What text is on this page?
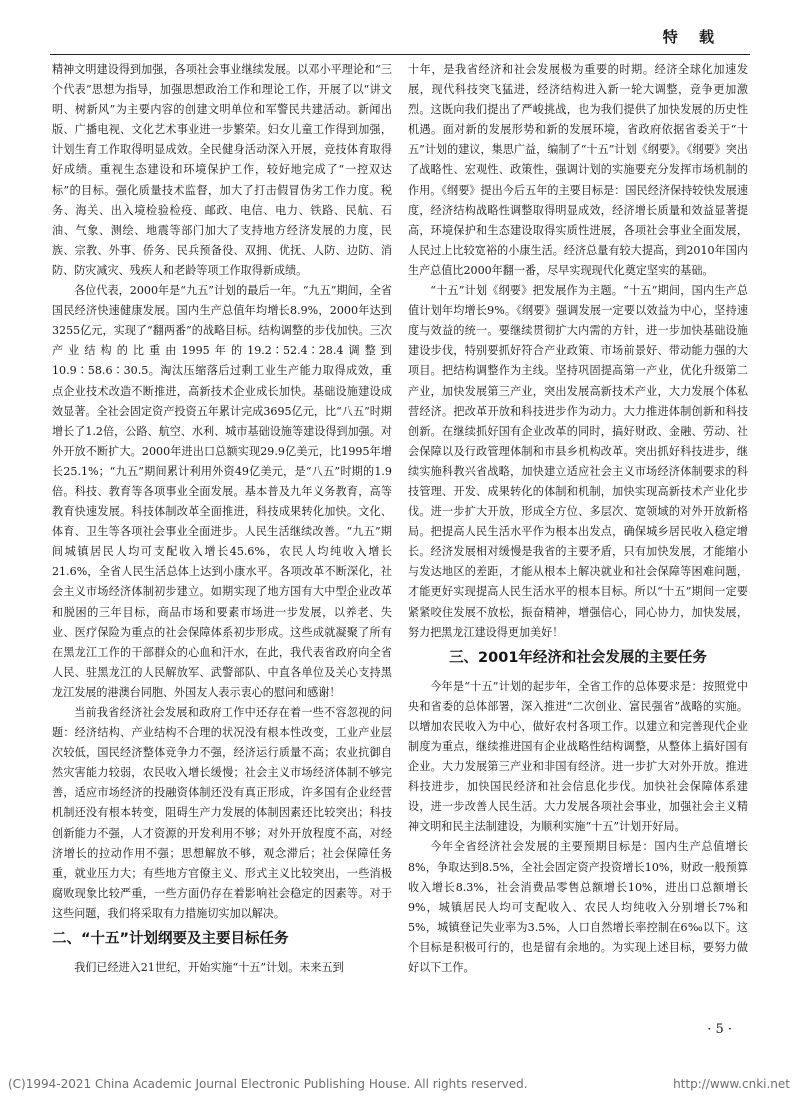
特 载

精神文明建设得到加强，各项社会事业继续发展。以邓小平理论和“三个代表”思想为指导，加强思想政治工作和理论工作，开展了以“讲文明、树新风”为主要内容的创建文明单位和军警民共建活动。新闻出版、广播电视、文化艺术事业进一步繁荣。妇女儿童工作得到加强，计划生育工作取得明显成效。全民健身活动深入开展，竞技体育取得好成绩。重视生态建设和环境保护工作，较好地完成了“一控双达标”的目标。强化质量技术监督，加大了打击假冒伪劣工作力度。税务、海关、出入境检验检疫、邮政、电信、电力、铁路、民航、石油、气象、测绘、地震等部门加大了支持地方经济发展的力度，民族、宗教、外事、侨务、民兵预备役、双拥、优抚、人防、边防、消防、防灾减灾、残疾人和老龄等项工作取得新成绩。

各位代表，2000年是“九五”计划的最后一年。“九五”期间，全省国民经济快速健康发展。国内生产总值年均增长8.9%，2000年达到3255亿元，实现了“翻两番”的战略目标。结构调整的步伐加快。三次产业结构的比重由1995年的19.2∶52.4∶28.4调整到10.9∶58.6∶30.5。淘汰压缩落后过剩工业生产能力取得成效，重点企业技术改造不断推进，高新技术企业成长加快。基础设施建设成效显著。全社会固定资产投资五年累计完成3695亿元，比“八五”时期增长了1.2倍，公路、航空、水利、城市基础设施等建设得到加强。对外开放不断扩大。2000年进出口总额实现29.9亿美元，比1995年增长25.1%；“九五”期间累计利用外资49亿美元，是“八五”时期的1.9倍。科技、教育等各项事业全面发展。基本普及九年义务教育，高等教育快速发展。科技体制改革全面推进，科技成果转化加快。文化、体育、卫生等各项社会事业全面进步。人民生活继续改善。“九五”期间城镇居民人均可支配收入增长45.6%，农民人均纯收入增长21.6%，全省人民生活总体上达到小康水平。各项改革不断深化，社会主义市场经济体制初步建立。如期实现了地方国有大中型企业改革和脱困的三年目标，商品市场和要素市场进一步发展，以养老、失业、医疗保险为重点的社会保障体系初步形成。这些成就凝聚了所有在黑龙江工作的干部群众的心血和汗水，在此，我代表省政府向全省人民、驻黑龙江的人民解放军、武警部队、中直各单位及关心支持黑龙江发展的港澳台同胞、外国友人表示衷心的慰问和感谢！

当前我省经济社会发展和政府工作中还存在着一些不容忽视的问题：经济结构、产业结构不合理的状况没有根本性改变，工业产业层次较低，国民经济整体竞争力不强，经济运行质量不高；农业抗御自然灾害能力较弱，农民收入增长缓慢；社会主义市场经济体制不够完善，适应市场经济的投融资体制还没有真正形成，许多国有企业经营机制还没有根本转变，阻碍生产力发展的体制因素还比较突出；科技创新能力不强，人才资源的开发利用不够；对外开放程度不高，对经济增长的拉动作用不强；思想解放不够，观念滞后；社会保障任务重，就业压力大；有些地方官僚主义、形式主义比较突出，一些消极腐败现象比较严重，一些方面仍存在着影响社会稳定的因素等。对于这些问题，我们将采取有力措施切实加以解决。

二、“十五”计划纲要及主要目标任务

我们已经进入21世纪，开始实施“十五”计划。未来五到

十年，是我省经济和社会发展极为重要的时期。经济全球化加速发展，现代科技突飞猛进，经济结构进入新一轮大调整，竞争更加激烈。这既向我们提出了严峻挑战，也为我们提供了加快发展的历史性机遇。面对新的发展形势和新的发展环境，省政府依据省委关于“十五”计划的建议，集思广益，编制了“十五”计划《纲要》。《纲要》突出了战略性、宏观性、政策性，强调计划的实施要充分发挥市场机制的作用。《纲要》提出今后五年的主要目标是：国民经济保持较快发展速度，经济结构战略性调整取得明显成效，经济增长质量和效益显著提高，环境保护和生态建设取得实质性进展，各项社会事业全面发展，人民过上比较宽裕的小康生活。经济总量有较大提高，到2010年国内生产总值比2000年翻一番，尽早实现现代化奠定坚实的基础。

“十五”计划《纲要》把发展作为主题。“十五”期间，国内生产总值计划年均增长9%。《纲要》强调发展一定要以效益为中心，坚持速度与效益的统一。要继续贯彻扩大内需的方针，进一步加快基础设施建设步伐，特别要抓好符合产业政策、市场前景好、带动能力强的大项目。把结构调整作为主线。坚持巩固提高第一产业，优化升级第二产业，加快发展第三产业，突出发展高新技术产业，大力发展个体私营经济。把改革开放和科技进步作为动力。大力推进体制创新和科技创新。在继续抓好国有企业改革的同时，搞好财政、金融、劳动、社会保障以及行政管理体制和市县乡机构改革。突出抓好科技进步，继续实施科教兴省战略，加快建立适应社会主义市场经济体制要求的科技管理、开发、成果转化的体制和机制，加快实现高新技术产业化步伐。进一步扩大开放，形成全方位、多层次、宽领域的对外开放新格局。把提高人民生活水平作为根本出发点，确保城乡居民收入稳定增长。经济发展相对缓慢是我省的主要矛盾，只有加快发展，才能缩小与发达地区的差距，才能从根本上解决就业和社会保障等困难问题，才能更好实现提高人民生活水平的根本目标。所以“十五”期间一定要紧紧咬住发展不放松，振奋精神，增强信心，同心协力，加快发展，努力把黑龙江建设得更加美好！

三、2001年经济和社会发展的主要任务

今年是“十五”计划的起步年，全省工作的总体要求是：按照党中央和省委的总体部署，深入推进“二次创业、富民强省”战略的实施。以增加农民收入为中心，做好农村各项工作。以建立和完善现代企业制度为重点，继续推进国有企业战略性结构调整，从整体上搞好国有企业。大力发展第三产业和非国有经济。进一步扩大对外开放。推进科技进步，加快国民经济和社会信息化步伐。加快社会保障体系建设，进一步改善人民生活。大力发展各项社会事业，加强社会主义精神文明和民主法制建设，为顺利实施“十五”计划开好局。

今年全省经济社会发展的主要预期目标是：国内生产总值增长8%，争取达到8.5%，全社会固定资产投资增长10%，财政一般预算收入增长8.3%，社会消费品零售总额增长10%，进出口总额增长9%，城镇居民人均可支配收入、农民人均纯收入分别增长7%和5%，城镇登记失业率为3.5%，人口自然增长率控制在6‰以下。这个目标是积极可行的，也是留有余地的。为实现上述目标，要努力做好以下工作。

· 5 ·
(C)1994-2021 China Academic Journal Electronic Publishing House. All rights reserved.	http://www.cnki.net
